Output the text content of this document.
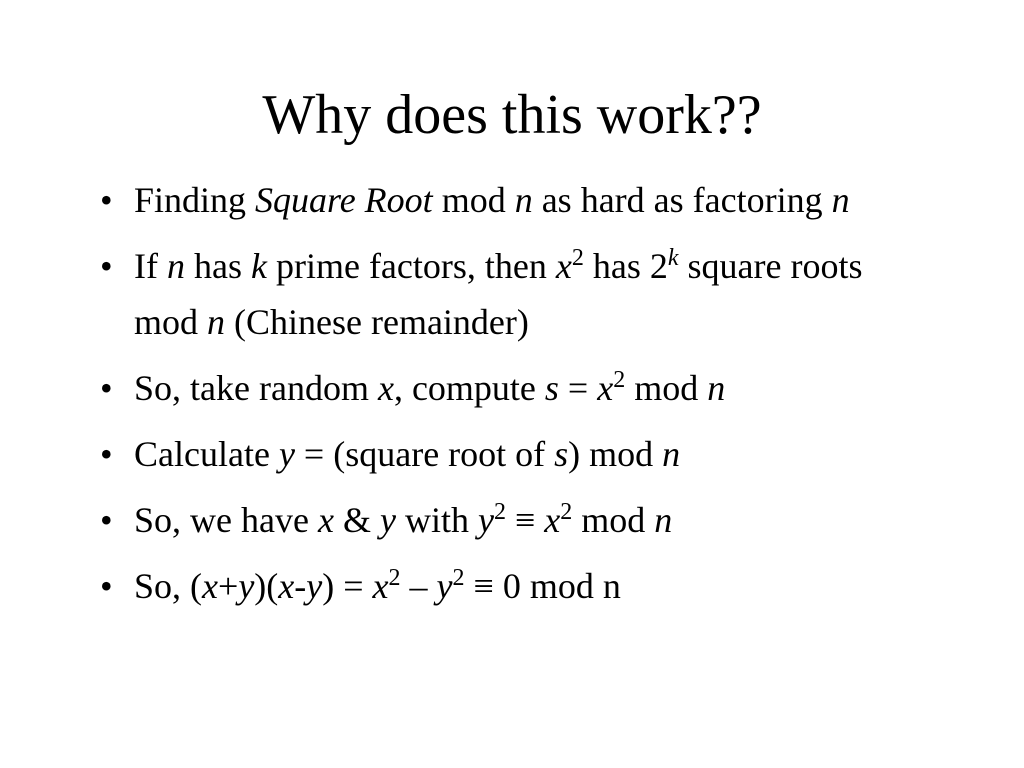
Why does this work??
• Finding Square Root mod n as hard as factoring n
• If n has k prime factors, then $x^2$ has 2$^k$ square roots mod n (Chinese remainder)
• So, take random x, compute $s = x^2$ mod n
• Calculate y = (square root of s) mod n
• So, we have x & y with $y^2 \equiv x^2$ mod n
• So, $(x+y)(x-y) = x^2 - y^2 \equiv 0$ mod n
